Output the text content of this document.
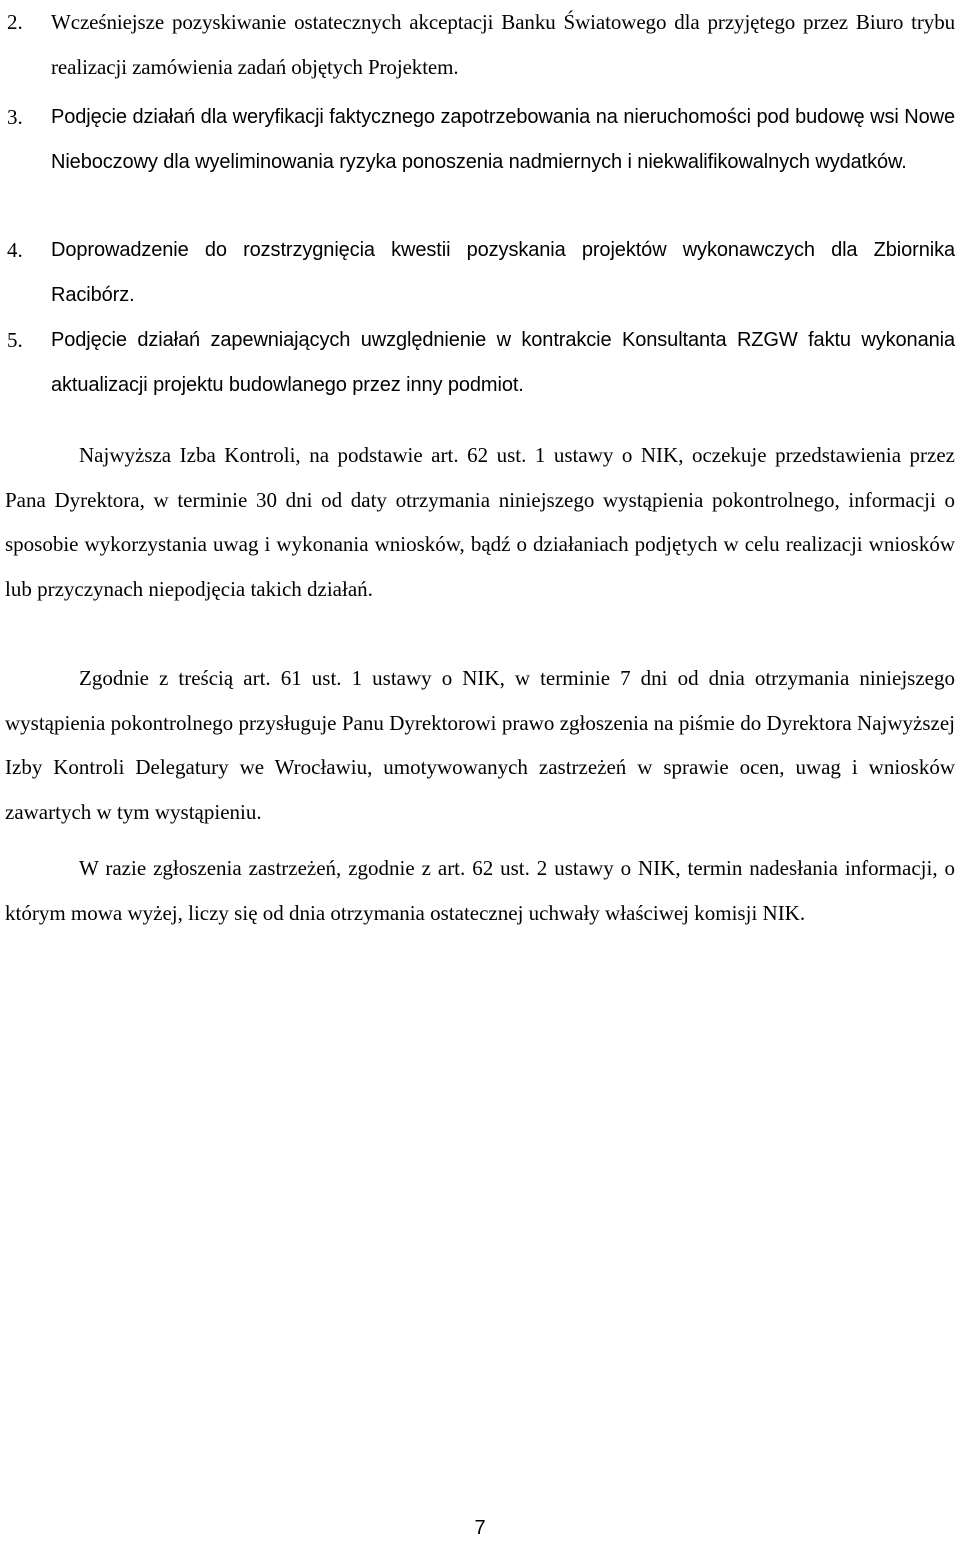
2. Wcześniejsze pozyskiwanie ostatecznych akceptacji Banku Światowego dla przyjętego przez Biuro trybu realizacji zamówienia zadań objętych Projektem.
3. Podjęcie działań dla weryfikacji faktycznego zapotrzebowania na nieruchomości pod budowę wsi Nowe Nieboczowy dla wyeliminowania ryzyka ponoszenia nadmiernych i niekwalifikowalnych wydatków.
4. Doprowadzenie do rozstrzygnięcia kwestii pozyskania projektów wykonawczych dla Zbiornika Racibórz.
5. Podjęcie działań zapewniających uwzględnienie w kontrakcie Konsultanta RZGW faktu wykonania aktualizacji projektu budowlanego przez inny podmiot.

Najwyższa Izba Kontroli, na podstawie art. 62 ust. 1 ustawy o NIK, oczekuje przedstawienia przez Pana Dyrektora, w terminie 30 dni od daty otrzymania niniejszego wystąpienia pokontrolnego, informacji o sposobie wykorzystania uwag i wykonania wniosków, bądź o działaniach podjętych w celu realizacji wniosków lub przyczynach niepodjęcia takich działań.

Zgodnie z treścią art. 61 ust. 1 ustawy o NIK, w terminie 7 dni od dnia otrzymania niniejszego wystąpienia pokontrolnego przysługuje Panu Dyrektorowi prawo zgłoszenia na piśmie do Dyrektora Najwyższej Izby Kontroli Delegatury we Wrocławiu, umotywowanych zastrzeżeń w sprawie ocen, uwag i wniosków zawartych w tym wystąpieniu.

W razie zgłoszenia zastrzeżeń, zgodnie z art. 62 ust. 2 ustawy o NIK, termin nadesłania informacji, o którym mowa wyżej, liczy się od dnia otrzymania ostatecznej uchwały właściwej komisji NIK.

7
